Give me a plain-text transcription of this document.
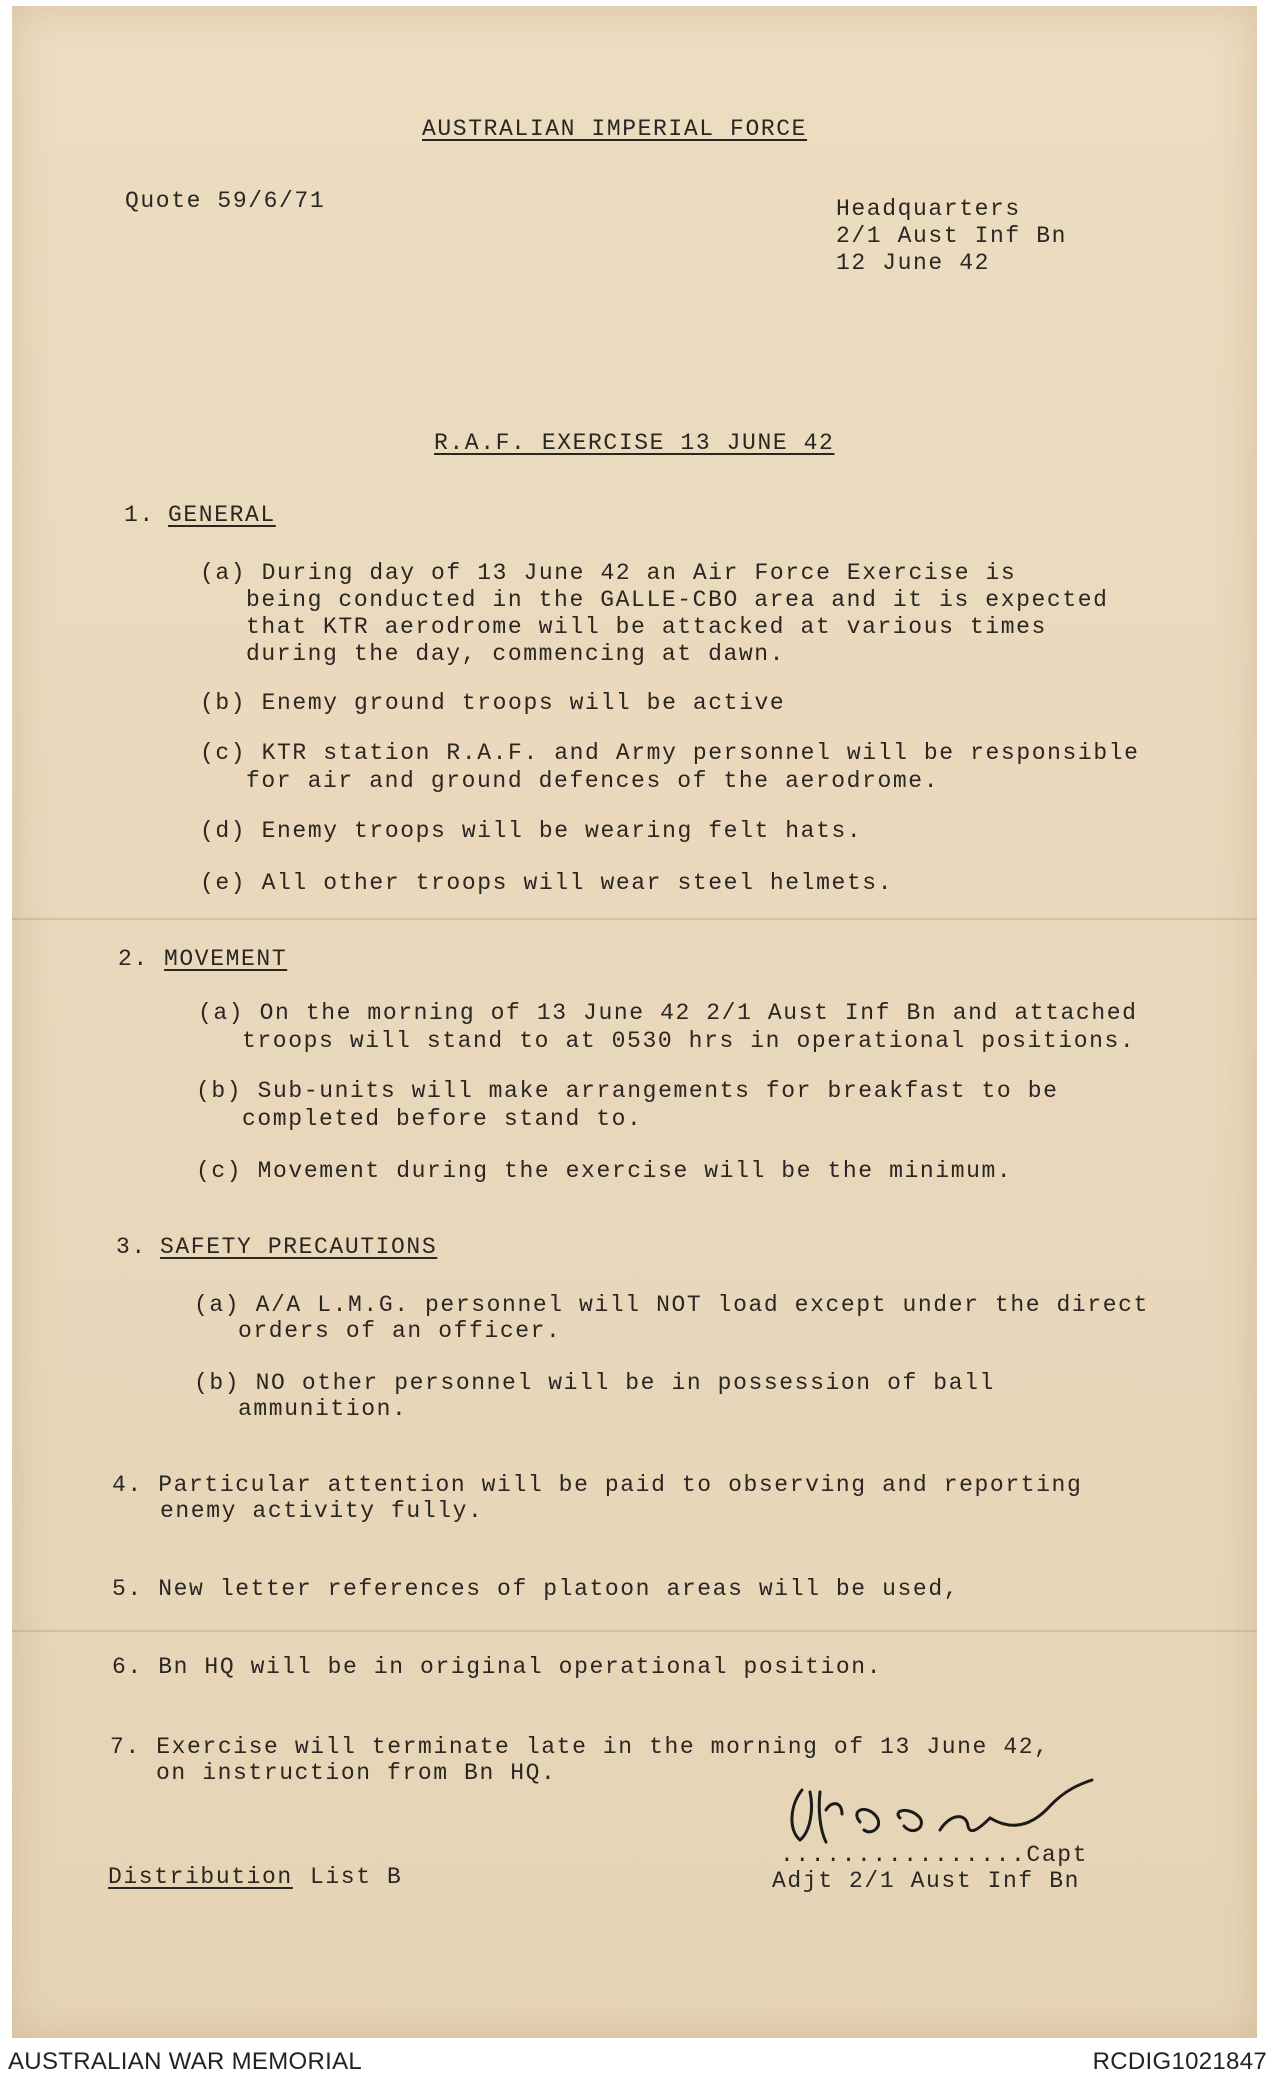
AUSTRALIAN IMPERIAL FORCE
Quote 59/6/71	Headquarters
2/1 Aust Inf Bn
12 June 42
R.A.F. EXERCISE 13 JUNE 42
1. GENERAL
(a) During day of 13 June 42 an Air Force Exercise is
being conducted in the GALLE-CBO area and it is expected
that KTR aerodrome will be attacked at various times
during the day, commencing at dawn.
(b) Enemy ground troops will be active
(c) KTR station R.A.F. and Army personnel will be responsible
for air and ground defences of the aerodrome.
(d) Enemy troops will be wearing felt hats.
(e) All other troops will wear steel helmets.
2. MOVEMENT
(a) On the morning of 13 June 42 2/1 Aust Inf Bn and attached
troops will stand to at 0530 hrs in operational positions.
(b) Sub-units will make arrangements for breakfast to be
completed before stand to.
(c) Movement during the exercise will be the minimum.
3. SAFETY PRECAUTIONS
(a) A/A L.M.G. personnel will NOT load except under the direct
orders of an officer.
(b) NO other personnel will be in possession of ball
ammunition.
4. Particular attention will be paid to observing and reporting
enemy activity fully.
5. New letter references of platoon areas will be used,
6. Bn HQ will be in original operational position.
7. Exercise will terminate late in the morning of 13 June 42,
on instruction from Bn HQ.
................Capt
Adjt 2/1 Aust Inf Bn
Distribution List B
AUSTRALIAN WAR MEMORIAL	RCDIG1021847
